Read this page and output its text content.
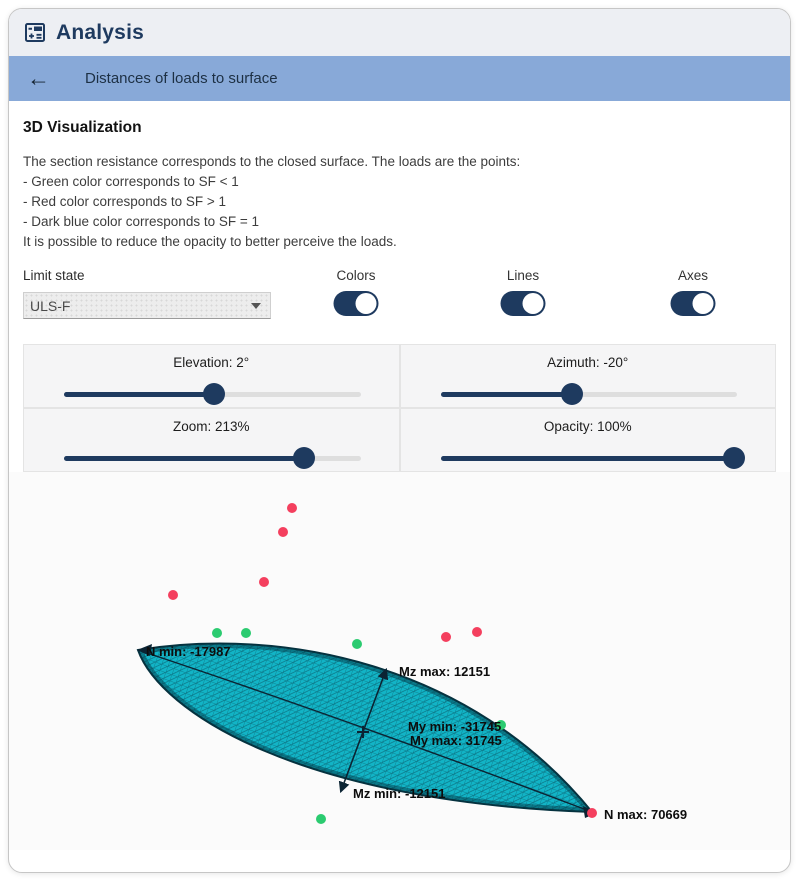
Analysis
←	Distances of loads to surface
3D Visualization

The section resistance corresponds to the closed surface. The loads are the points:

- Green color corresponds to SF < 1

- Red color corresponds to SF > 1

- Dark blue color corresponds to SF = 1

It is possible to reduce the opacity to better perceive the loads.

Limit state
ULS-F
Colors	Lines	Axes
Elevation: 2°	Azimuth: -20°
Zoom: 213%	Opacity: 100%
N min: -17987
Mz max: 12151
My min: -31745
My max: 31745
Mz min: -12151
N max: 70669
